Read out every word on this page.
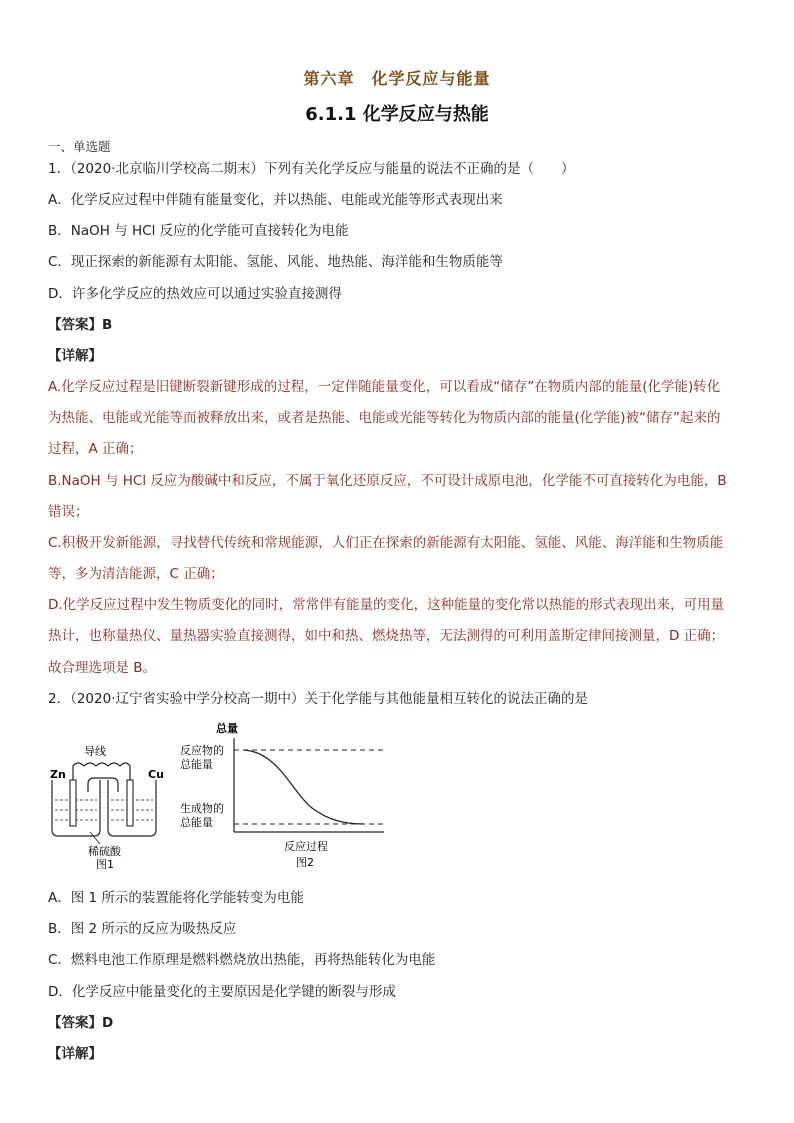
第六章　化学反应与能量
6.1.1 化学反应与热能
一、单选题
1．（2020·北京临川学校高二期末）下列有关化学反应与能量的说法不正确的是（　　）
A．化学反应过程中伴随有能量变化，并以热能、电能或光能等形式表现出来
B．NaOH 与 HCl 反应的化学能可直接转化为电能
C．现正探索的新能源有太阳能、氢能、风能、地热能、海洋能和生物质能等
D．许多化学反应的热效应可以通过实验直接测得
【答案】B
【详解】
A.化学反应过程是旧键断裂新键形成的过程，一定伴随能量变化，可以看成“储存”在物质内部的能量(化学能)转化
为热能、电能或光能等而被释放出来，或者是热能、电能或光能等转化为物质内部的能量(化学能)被“储存”起来的
过程，A 正确；
B.NaOH 与 HCl 反应为酸碱中和反应，不属于氧化还原反应，不可设计成原电池，化学能不可直接转化为电能，B
错误；
C.积极开发新能源，寻找替代传统和常规能源，人们正在探索的新能源有太阳能、氢能、风能、海洋能和生物质能
等，多为清洁能源，C 正确；
D.化学反应过程中发生物质变化的同时，常常伴有能量的变化，这种能量的变化常以热能的形式表现出来，可用量
热计，也称量热仪、量热器实验直接测得，如中和热、燃烧热等，无法测得的可利用盖斯定律间接测量，D 正确；
故合理选项是 B。
2．（2020·辽宁省实验中学分校高一期中）关于化学能与其他能量相互转化的说法正确的是
导线
Zn	Cu
稀硫酸
图1
总量
反应物的
总能量
生成物的
总能量
反应过程
图2
A．图 1 所示的装置能将化学能转变为电能
B．图 2 所示的反应为吸热反应
C．燃料电池工作原理是燃料燃烧放出热能，再将热能转化为电能
D．化学反应中能量变化的主要原因是化学键的断裂与形成
【答案】D
【详解】
